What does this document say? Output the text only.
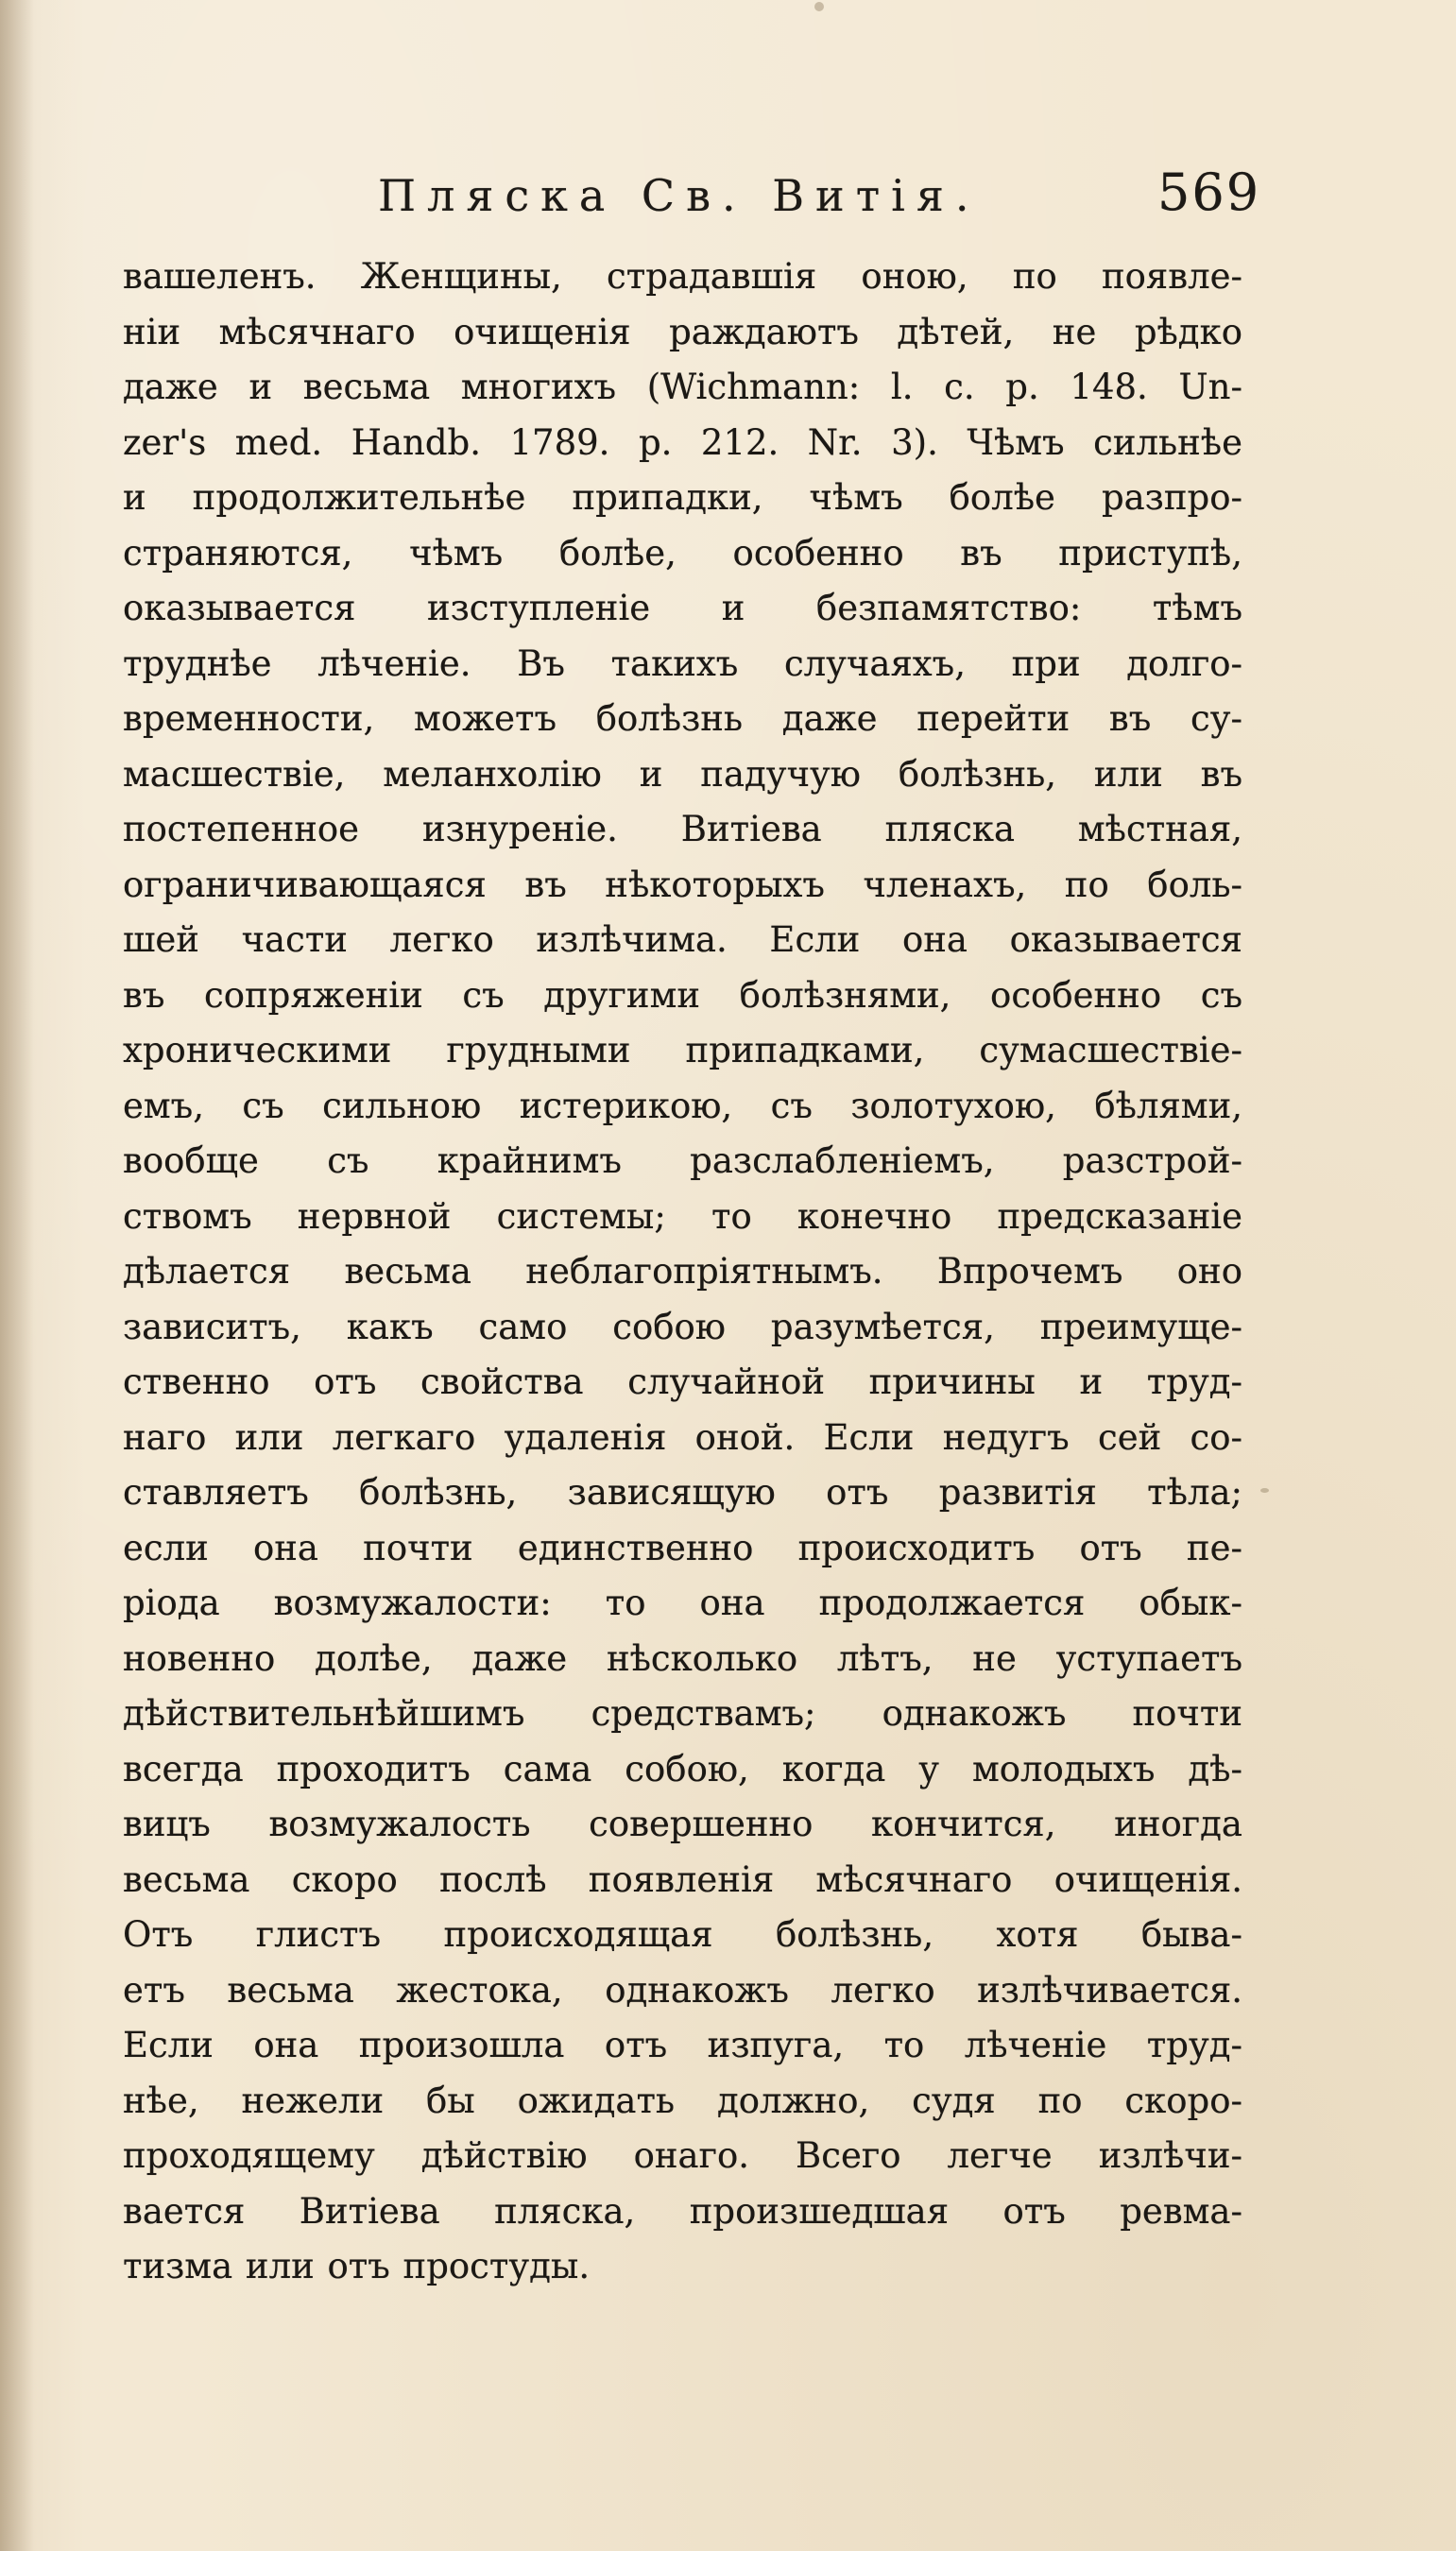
Пляска Св. Витія.	569
вашеленъ. Женщины, страдавшія оною, по появле-
ніи мѣсячнаго очищенія раждаютъ дѣтей, не рѣдко
даже и весьма многихъ (Wichmann: l. c. p. 148. Un-
zer's med. Handb. 1789. p. 212. Nr. 3). Чѣмъ сильнѣе
и продолжительнѣе припадки, чѣмъ болѣе разпро-
страняются, чѣмъ болѣе, особенно въ приступѣ,
оказывается изступленіе и безпамятство: тѣмъ
труднѣе лѣченіе. Въ такихъ случаяхъ, при долго-
временности, можетъ болѣзнь даже перейти въ су-
масшествіе, меланхолію и падучую болѣзнь, или въ
постепенное изнуреніе. Витіева пляска мѣстная,
ограничивающаяся въ нѣкоторыхъ членахъ, по боль-
шей части легко излѣчима. Если она оказывается
въ сопряженіи съ другими болѣзнями, особенно съ
хроническими грудными припадками, сумасшествіе-
емъ, съ сильною истерикою, съ золотухою, бѣлями,
вообще съ крайнимъ разслабленіемъ, разстрой-
ствомъ нервной системы; то конечно предсказаніе
дѣлается весьма неблагопріятнымъ. Впрочемъ оно
зависитъ, какъ само собою разумѣется, преимуще-
ственно отъ свойства случайной причины и труд-
наго или легкаго удаленія оной. Если недугъ сей со-
ставляетъ болѣзнь, зависящую отъ развитія тѣла;
если она почти единственно происходитъ отъ пе-
ріода возмужалости: то она продолжается обык-
новенно долѣе, даже нѣсколько лѣтъ, не уступаетъ
дѣйствительнѣйшимъ средствамъ; однакожъ почти
всегда проходитъ сама собою, когда у молодыхъ дѣ-
вицъ возмужалость совершенно кончится, иногда
весьма скоро послѣ появленія мѣсячнаго очищенія.
Отъ глистъ происходящая болѣзнь, хотя быва-
етъ весьма жестока, однакожъ легко излѣчивается.
Если она произошла отъ изпуга, то лѣченіе труд-
нѣе, нежели бы ожидать должно, судя по скоро-
проходящему дѣйствію онаго. Всего легче излѣчи-
вается Витіева пляска, произшедшая отъ ревма-
тизма или отъ простуды.
